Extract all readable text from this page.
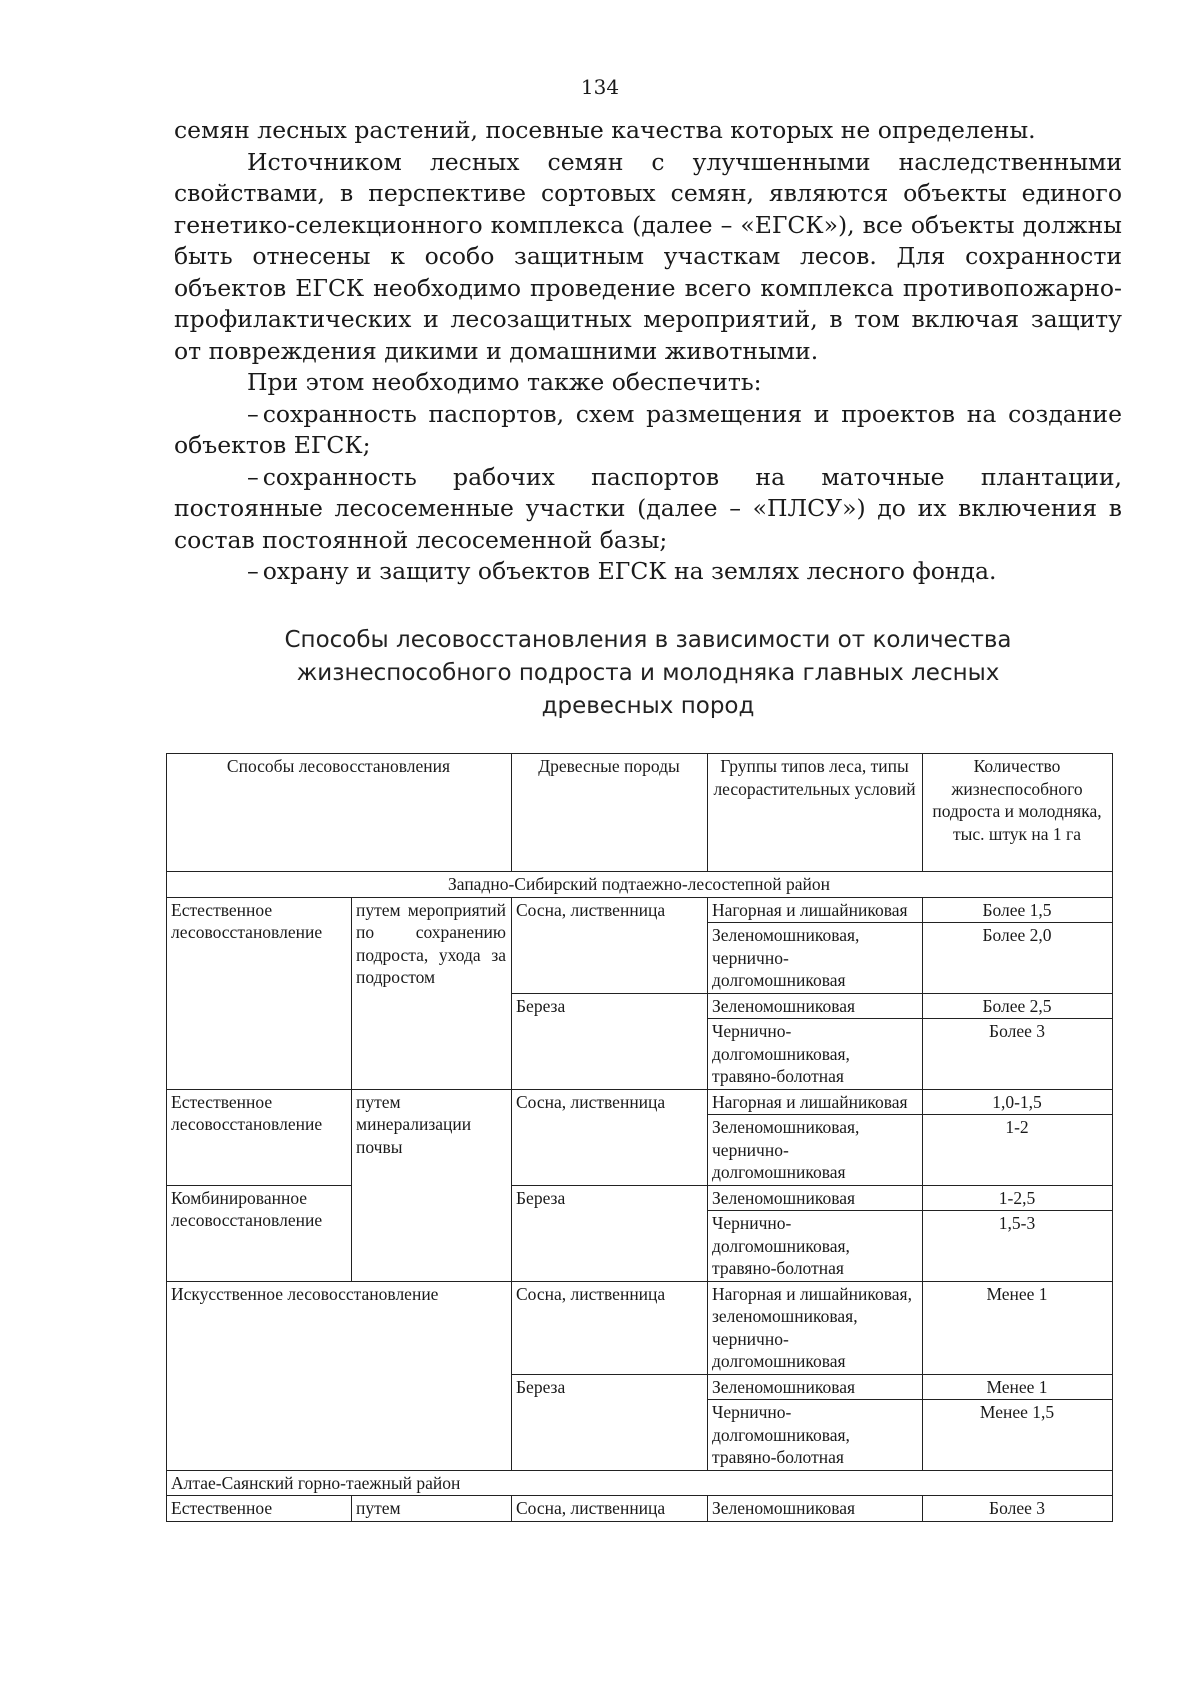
134

семян лесных растений, посевные качества которых не определены.

Источником лесных семян с улучшенными наследственными свойствами, в перспективе сортовых семян, являются объекты единого генетико-селекционного комплекса (далее – «ЕГСК»), все объекты должны быть отнесены к особо защитным участкам лесов. Для сохранности объектов ЕГСК необходимо проведение всего комплекса противопожарно-профилактических и лесозащитных мероприятий, в том включая защиту от повреждения дикими и домашними животными.

При этом необходимо также обеспечить:

– сохранность паспортов, схем размещения и проектов на создание объектов ЕГСК;

– сохранность рабочих паспортов на маточные плантации, постоянные лесосеменные участки (далее – «ПЛСУ») до их включения в состав постоянной лесосеменной базы;

– охрану и защиту объектов ЕГСК на землях лесного фонда.

Способы лесовосстановления в зависимости от количества
жизнеспособного подроста и молодняка главных лесных
древесных пород
Способы лесовосстановления		Древесные породы	Группы типов леса, типы лесорастительных условий	Количество жизнеспособного подроста и молодняка, тыс. штук на 1 га
Западно-Сибирский подтаежно-лесостепной район				
Естественное лесовосстановление	путем мероприятий по сохранению подроста, ухода за подростом	Сосна, лиственница	Нагорная и лишайниковая	Более 1,5
			Зеленомошниковая, чернично-долгомошниковая	Более 2,0
		Береза	Зеленомошниковая	Более 2,5
			Чернично-долгомошниковая, травяно-болотная	Более 3
Естественное лесовосстановление	путем минерализации почвы	Сосна, лиственница	Нагорная и лишайниковая	1,0-1,5
			Зеленомошниковая, чернично-долгомошниковая	1-2
Комбинированное лесовосстановление		Береза	Зеленомошниковая	1-2,5
			Чернично-долгомошниковая, травяно-болотная	1,5-3
Искусственное лесовосстановление		Сосна, лиственница	Нагорная и лишайниковая, зеленомошниковая, чернично-долгомошниковая	Менее 1
		Береза	Зеленомошниковая	Менее 1
			Чернично-долгомошниковая, травяно-болотная	Менее 1,5
Алтае-Саянский горно-таежный район				
Естественное	путем	Сосна, лиственница	Зеленомошниковая	Более 3
